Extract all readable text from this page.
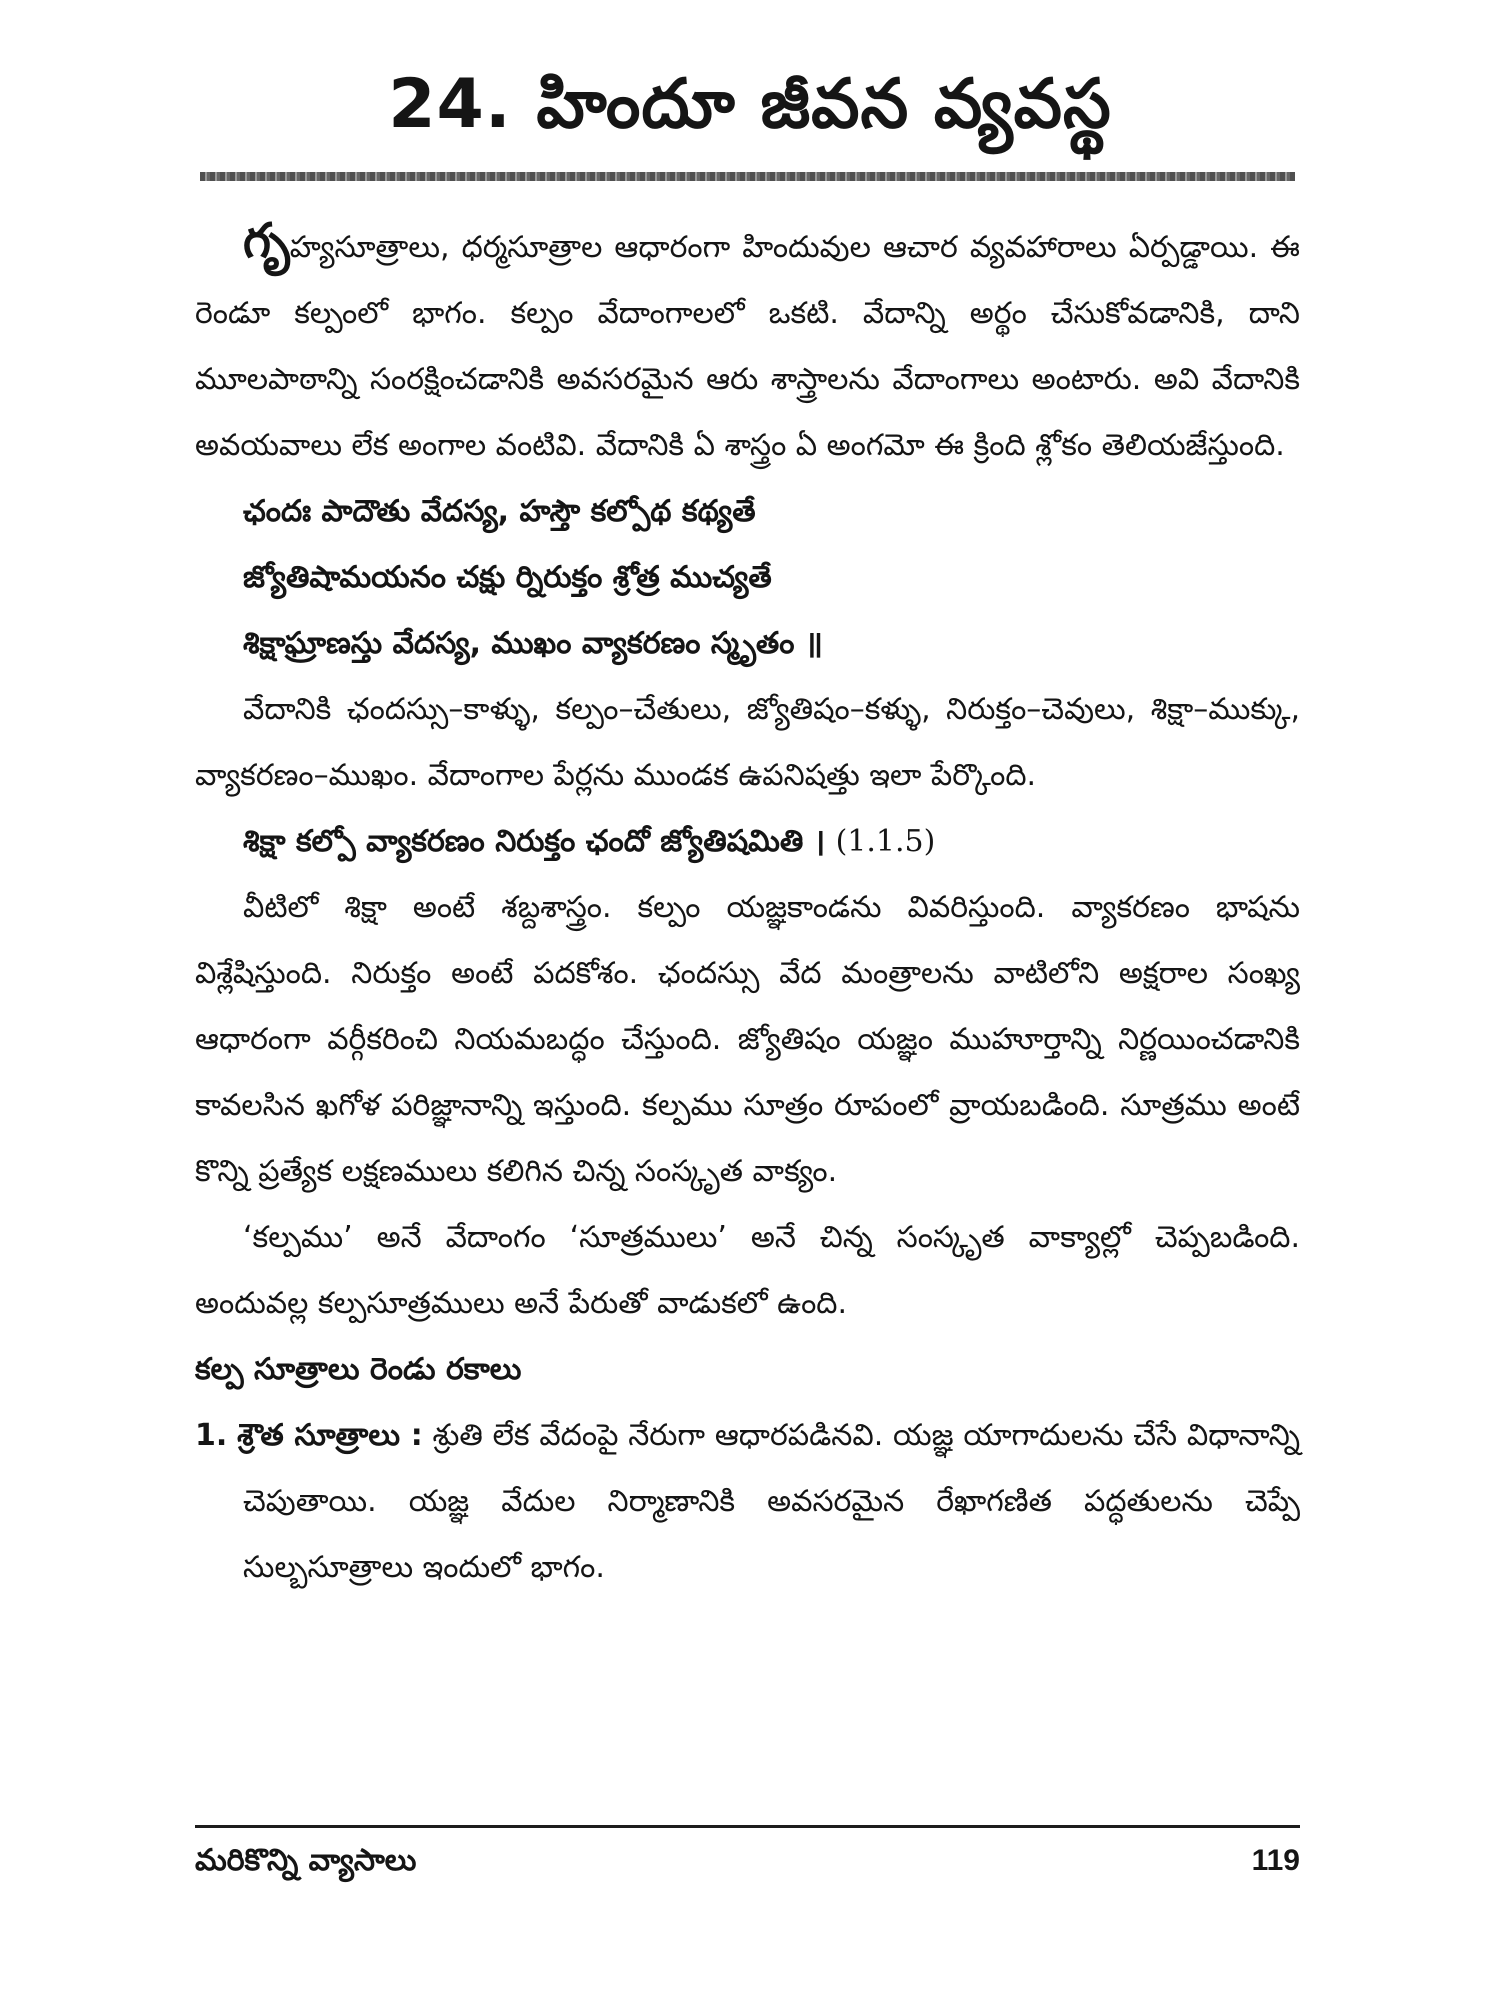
24. హిందూ జీవన వ్యవస్థ

గృహ్యసూత్రాలు, ధర్మసూత్రాల ఆధారంగా హిందువుల ఆచార వ్యవహారాలు ఏర్పడ్డాయి. ఈ రెండూ కల్పంలో భాగం. కల్పం వేదాంగాలలో ఒకటి. వేదాన్ని అర్థం చేసుకోవడానికి, దాని మూలపాఠాన్ని సంరక్షించడానికి అవసరమైన ఆరు శాస్త్రాలను వేదాంగాలు అంటారు. అవి వేదానికి అవయవాలు లేక అంగాల వంటివి. వేదానికి ఏ శాస్త్రం ఏ అంగమో ఈ క్రింది శ్లోకం తెలియజేస్తుంది.

ఛందః పాదౌతు వేదస్య, హస్తౌ కల్పోథ కథ్యతే

జ్యోతిషామయనం చక్షు ర్నిరుక్తం శ్రోత్ర ముచ్యతే

శిక్షాఘ్రాణస్తు వేదస్య, ముఖం వ్యాకరణం స్మృతం ॥

వేదానికి ఛందస్సు–కాళ్ళు, కల్పం–చేతులు, జ్యోతిషం–కళ్ళు, నిరుక్తం–చెవులు, శిక్షా–ముక్కు, వ్యాకరణం–ముఖం. వేదాంగాల పేర్లను ముండక ఉపనిషత్తు ఇలా పేర్కొంది.

శిక్షా కల్పో వ్యాకరణం నిరుక్తం ఛందో జ్యోతిషమితి । (1.1.5)

వీటిలో శిక్షా అంటే శబ్దశాస్త్రం. కల్పం యజ్ఞకాండను వివరిస్తుంది. వ్యాకరణం భాషను విశ్లేషిస్తుంది. నిరుక్తం అంటే పదకోశం. ఛందస్సు వేద మంత్రాలను వాటిలోని అక్షరాల సంఖ్య ఆధారంగా వర్గీకరించి నియమబద్ధం చేస్తుంది. జ్యోతిషం యజ్ఞం ముహూర్తాన్ని నిర్ణయించడానికి కావలసిన ఖగోళ పరిజ్ఞానాన్ని ఇస్తుంది. కల్పము సూత్రం రూపంలో వ్రాయబడింది. సూత్రము అంటే కొన్ని ప్రత్యేక లక్షణములు కలిగిన చిన్న సంస్కృత వాక్యం.

‘కల్పము’ అనే వేదాంగం ‘సూత్రములు’ అనే చిన్న సంస్కృత వాక్యాల్లో చెప్పబడింది. అందువల్ల కల్పసూత్రములు అనే పేరుతో వాడుకలో ఉంది.

కల్ప సూత్రాలు రెండు రకాలు

1. శ్రౌత సూత్రాలు : శ్రుతి లేక వేదంపై నేరుగా ఆధారపడినవి. యజ్ఞ యాగాదులను చేసే విధానాన్ని చెపుతాయి. యజ్ఞ వేదుల నిర్మాణానికి అవసరమైన రేఖాగణిత పద్ధతులను చెప్పే సుల్బసూత్రాలు ఇందులో భాగం.

మరికొన్ని వ్యాసాలు	119
